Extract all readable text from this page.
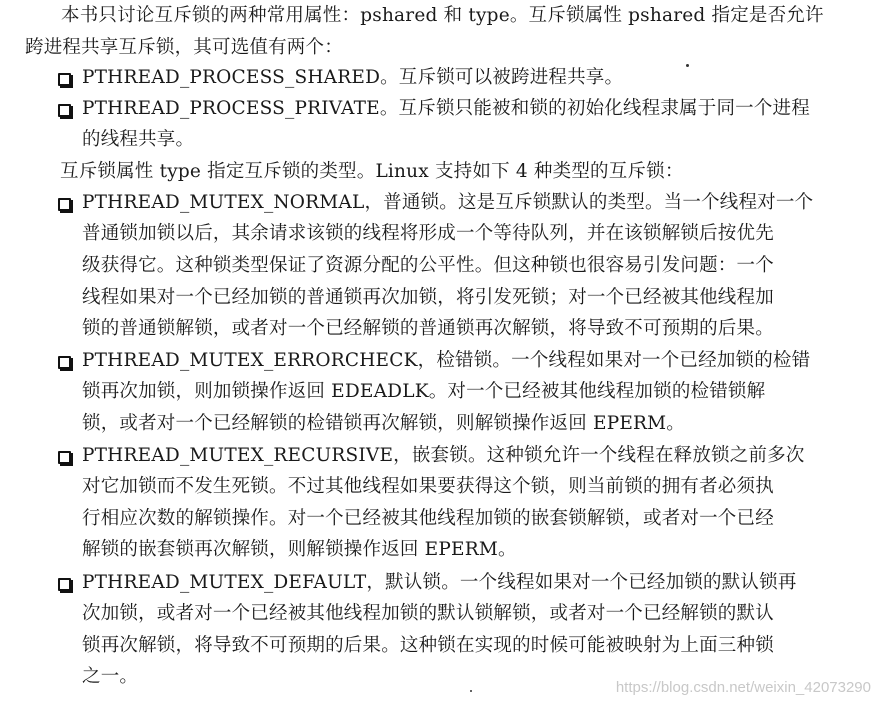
本书只讨论互斥锁的两种常用属性：pshared 和 type。互斥锁属性 pshared 指定是否允许
跨进程共享互斥锁，其可选值有两个：
PTHREAD_PROCESS_SHARED。互斥锁可以被跨进程共享。
PTHREAD_PROCESS_PRIVATE。互斥锁只能被和锁的初始化线程隶属于同一个进程
的线程共享。
互斥锁属性 type 指定互斥锁的类型。Linux 支持如下 4 种类型的互斥锁：
PTHREAD_MUTEX_NORMAL，普通锁。这是互斥锁默认的类型。当一个线程对一个
普通锁加锁以后，其余请求该锁的线程将形成一个等待队列，并在该锁解锁后按优先
级获得它。这种锁类型保证了资源分配的公平性。但这种锁也很容易引发问题：一个
线程如果对一个已经加锁的普通锁再次加锁，将引发死锁；对一个已经被其他线程加
锁的普通锁解锁，或者对一个已经解锁的普通锁再次解锁，将导致不可预期的后果。
PTHREAD_MUTEX_ERRORCHECK，检错锁。一个线程如果对一个已经加锁的检错
锁再次加锁，则加锁操作返回 EDEADLK。对一个已经被其他线程加锁的检错锁解
锁，或者对一个已经解锁的检错锁再次解锁，则解锁操作返回 EPERM。
PTHREAD_MUTEX_RECURSIVE，嵌套锁。这种锁允许一个线程在释放锁之前多次
对它加锁而不发生死锁。不过其他线程如果要获得这个锁，则当前锁的拥有者必须执
行相应次数的解锁操作。对一个已经被其他线程加锁的嵌套锁解锁，或者对一个已经
解锁的嵌套锁再次解锁，则解锁操作返回 EPERM。
PTHREAD_MUTEX_DEFAULT，默认锁。一个线程如果对一个已经加锁的默认锁再
次加锁，或者对一个已经被其他线程加锁的默认锁解锁，或者对一个已经解锁的默认
锁再次解锁，将导致不可预期的后果。这种锁在实现的时候可能被映射为上面三种锁
之一。
https://blog.csdn.net/weixin_42073290
